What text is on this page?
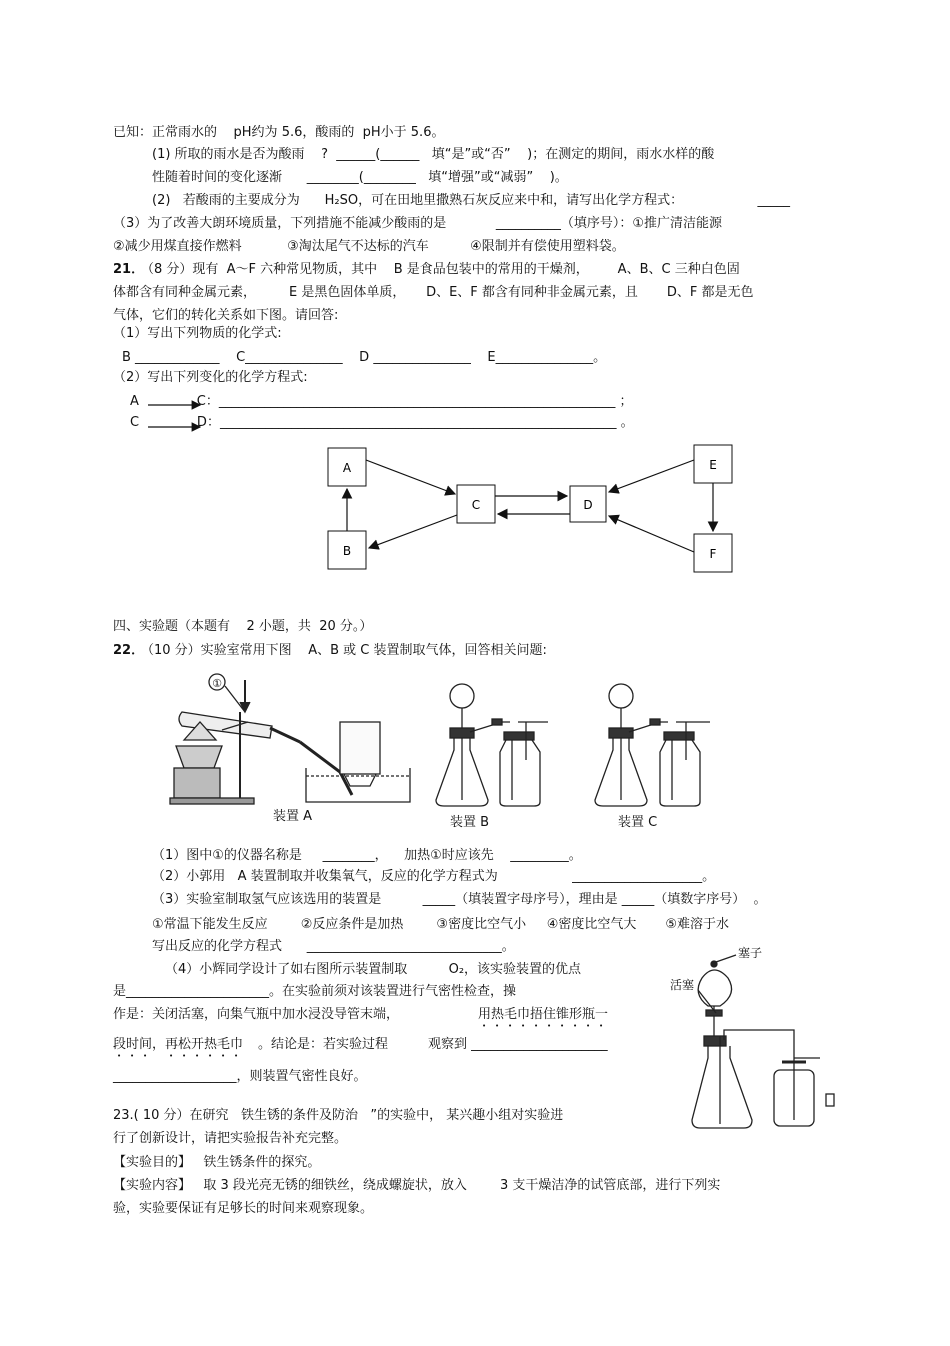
已知：正常雨水的    pH约为 5.6，酸雨的  pH小于 5.6。
(1) 所取的雨水是否为酸雨    ?  ______(______   填“是”或“否”    )；在测定的期间，雨水水样的酸
性随着时间的变化逐渐      ________(________   填“增强”或“减弱”    )。
(2)   若酸雨的主要成分为      H₂SO，可在田地里撒熟石灰反应来中和，请写出化学方程式：                  _____
（3）为了改善大朗环境质量，下列措施不能减少酸雨的是            __________（填序号）：①推广清洁能源
②减少用煤直接作燃料           ③淘汰尾气不达标的汽车          ④限制并有偿使用塑料袋。
21．
（8 分）现有  A～F 六种常见物质，其中    B 是食品包装中的常用的干燥剂，       A、B、C 三种白色固
体都含有同种金属元素，        E 是黑色固体单质，     D、E、F 都含有同种非金属元素，且       D、F 都是无色
气体，它们的转化关系如下图。请回答:
（1）写出下列物质的化学式:
B _____________    C_______________    D _______________    E_______________。
（2）写出下列变化的化学方程式:
A              C：_____________________________________________________________ ；
C              D：_____________________________________________________________ 。
A
B
C	D
E
F
四、实验题（本题有    2 小题，共  20 分。）
22．
（10 分）实验室常用下图    A、B 或 C 装置制取气体，回答相关问题:
①
装置 A	装置 B	装置 C
（1）图中①的仪器名称是     ________，    加热①时应该先    _________。
（2）小郭用   A 装置制取并收集氧气，反应的化学方程式为                  ____________________。
（3）实验室制取氢气应该选用的装置是          _____（填装置字母序号），理由是 _____（填数字序号）  。
①常温下能发生反应        ②反应条件是加热        ③密度比空气小     ④密度比空气大       ⑤难溶于水
写出反应的化学方程式      ______________________________。
（4）小辉同学设计了如右图所示装置制取          O₂，该实验装置的优点
是______________________。在实验前须对该装置进行气密性检查，操
作是：关闭活塞，向集气瓶中加水浸没导管末端， 用热毛巾捂住锥形瓶一
段时间，再松开热毛巾 。结论是：若实验过程	观察到 _____________________
___________________，则装置气密性良好。
塞子
活塞
23.( 10 分）在研究   铁生锈的条件及防治   ”的实验中， 某兴趣小组对实验进
行了创新设计，请把实验报告补充完整。
【实验目的】   铁生锈条件的探究。
【实验内容】   取 3 段光亮无锈的细铁丝，绕成螺旋状，放入        3 支干燥洁净的试管底部，进行下列实
验，实验要保证有足够长的时间来观察现象。
